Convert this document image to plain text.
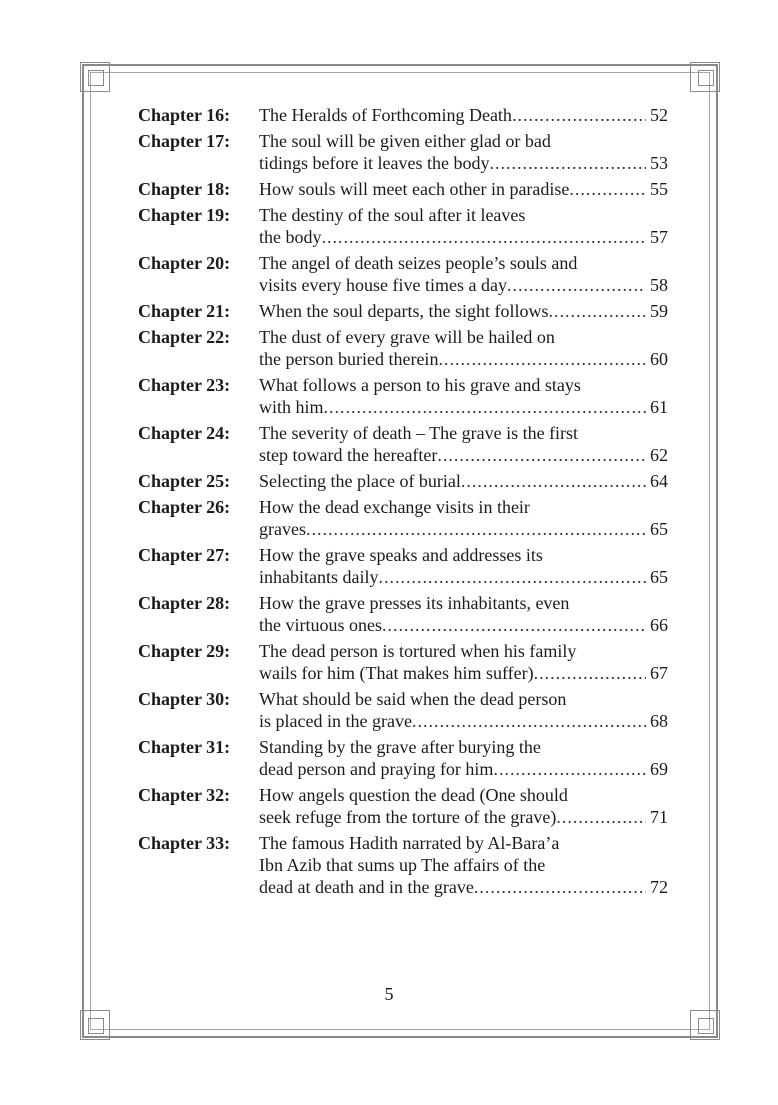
Chapter 16:	The Heralds of Forthcoming Death .....	52
Chapter 17:	The soul will be given either glad or bad
tidings before it leaves the body .....	53
Chapter 18:	How souls will meet each other in paradise .....	55
Chapter 19:	The destiny of the soul after it leaves
the body .....	57
Chapter 20:	The angel of death seizes people’s souls and
visits every house five times a day .....	58
Chapter 21:	When the soul departs, the sight follows .....	59
Chapter 22:	The dust of every grave will be hailed on
the person buried therein .....	60
Chapter 23:	What follows a person to his grave and stays
with him .....	61
Chapter 24:	The severity of death – The grave is the first
step toward the hereafter .....	62
Chapter 25:	Selecting the place of burial .....	64
Chapter 26:	How the dead exchange visits in their
graves .....	65
Chapter 27:	How the grave speaks and addresses its
inhabitants daily .....	65
Chapter 28:	How the grave presses its inhabitants, even
the virtuous ones .....	66
Chapter 29:	The dead person is tortured when his family
wails for him (That makes him suffer) .....	67
Chapter 30:	What should be said when the dead person
is placed in the grave .....	68
Chapter 31:	Standing by the grave after burying the
dead person and praying for him .....	69
Chapter 32:	How angels question the dead (One should
seek refuge from the torture of the grave) .....	71
Chapter 33:	The famous Hadith narrated by Al-Bara’a
Ibn Azib that sums up The affairs of the
dead at death and in the grave .....	72
5
